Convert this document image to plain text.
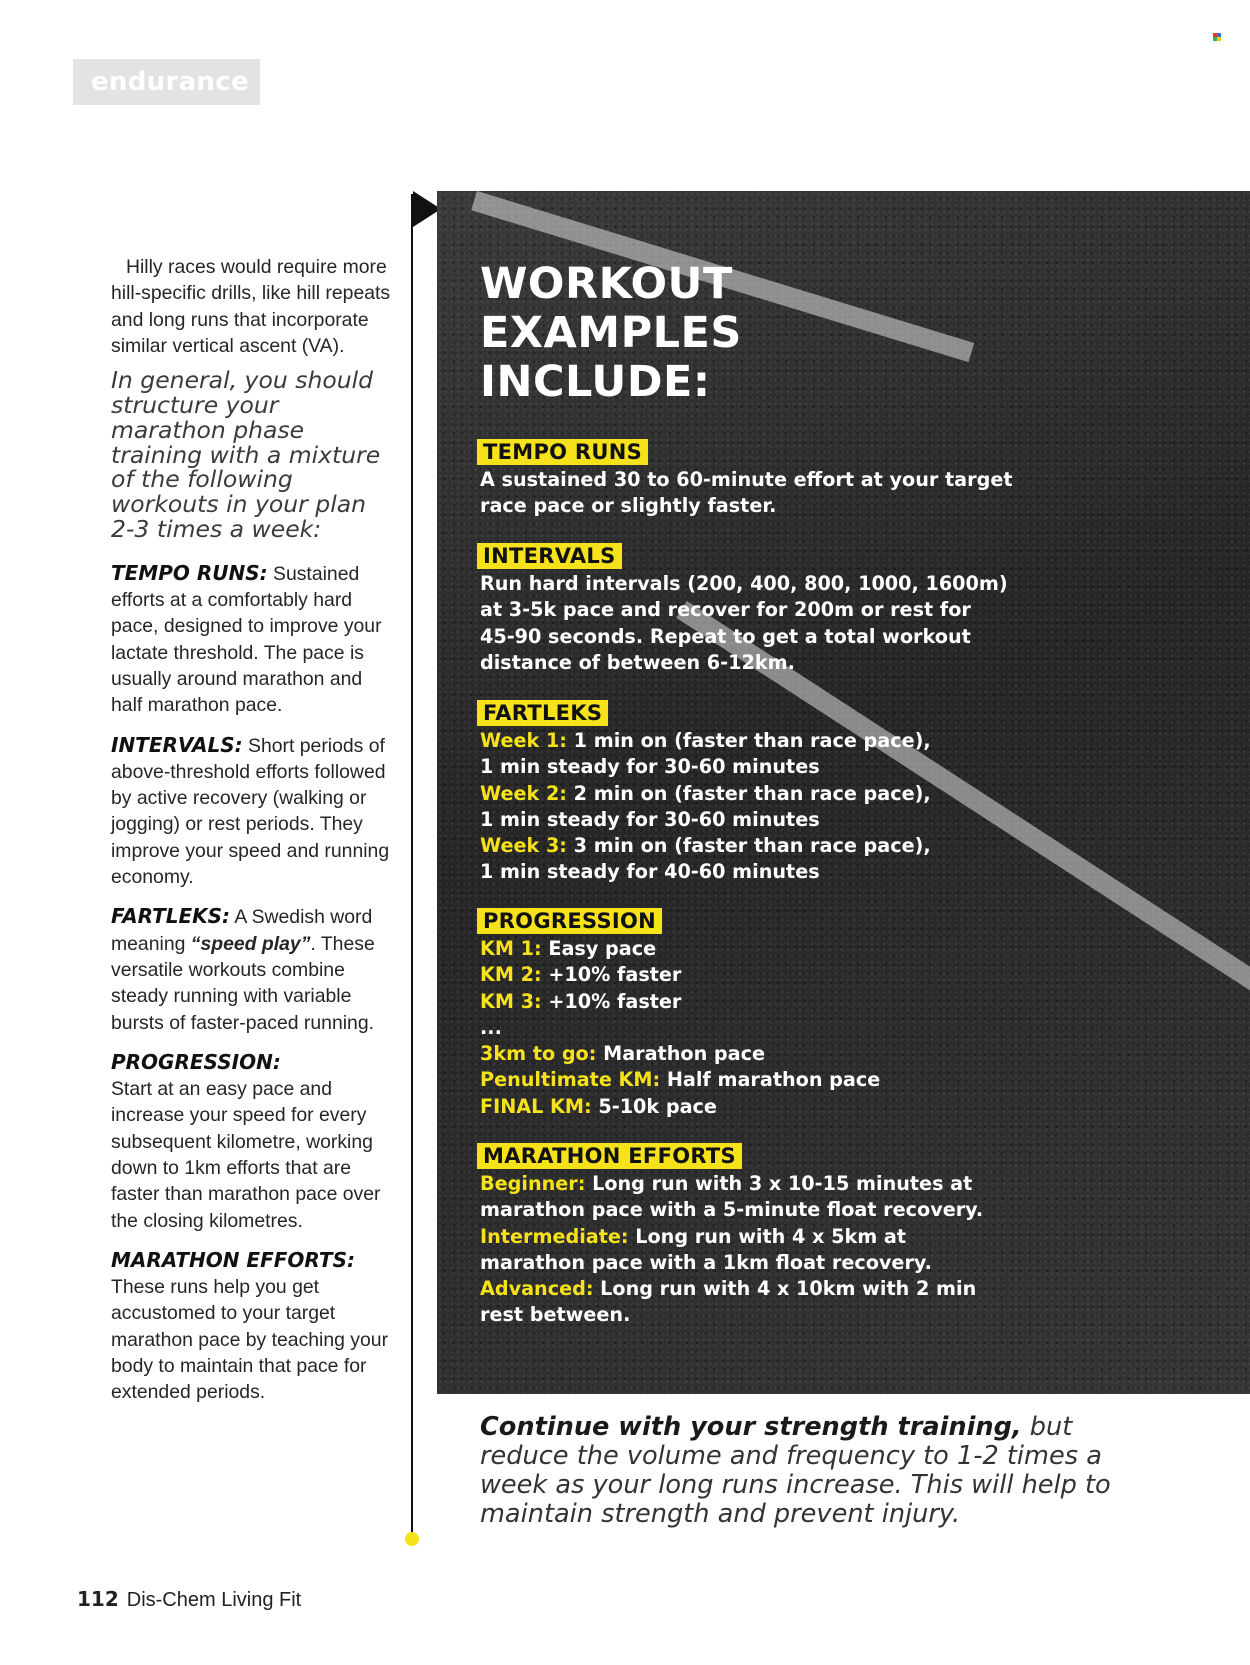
endurance

Hilly races would require more hill-specific drills, like hill repeats and long runs that incorporate similar vertical ascent (VA).

In general, you should structure your marathon phase training with a mixture of the following workouts in your plan 2-3 times a week:

TEMPO RUNS: Sustained efforts at a comfortably hard pace, designed to improve your lactate threshold. The pace is usually around marathon and half marathon pace.

INTERVALS: Short periods of above-threshold efforts followed by active recovery (walking or jogging) or rest periods. They improve your speed and running economy.

FARTLEKS: A Swedish word meaning “speed play”. These versatile workouts combine steady running with variable bursts of faster-paced running.

PROGRESSION:

Start at an easy pace and increase your speed for every subsequent kilometre, working down to 1km efforts that are faster than marathon pace over the closing kilometres.

MARATHON EFFORTS:

These runs help you get accustomed to your target marathon pace by teaching your body to maintain that pace for extended periods.

WORKOUT
EXAMPLES
INCLUDE:
TEMPO RUNS
A sustained 30 to 60-minute effort at your target
race pace or slightly faster.
INTERVALS
Run hard intervals (200, 400, 800, 1000, 1600m)
at 3-5k pace and recover for 200m or rest for
45-90 seconds. Repeat to get a total workout
distance of between 6-12km.
FARTLEKS
Week 1: 1 min on (faster than race pace),
1 min steady for 30-60 minutes
Week 2: 2 min on (faster than race pace),
1 min steady for 30-60 minutes
Week 3: 3 min on (faster than race pace),
1 min steady for 40-60 minutes
PROGRESSION
KM 1: Easy pace
KM 2: +10% faster
KM 3: +10% faster
...
3km to go: Marathon pace
Penultimate KM: Half marathon pace
FINAL KM: 5-10k pace
MARATHON EFFORTS
Beginner: Long run with 3 x 10-15 minutes at
marathon pace with a 5-minute float recovery.
Intermediate: Long run with 4 x 5km at
marathon pace with a 1km float recovery.
Advanced: Long run with 4 x 10km with 2 min
rest between.
Continue with your strength training, but reduce the volume and frequency to 1-2 times a week as your long runs increase. This will help to maintain strength and prevent injury.
112 Dis-Chem Living Fit
